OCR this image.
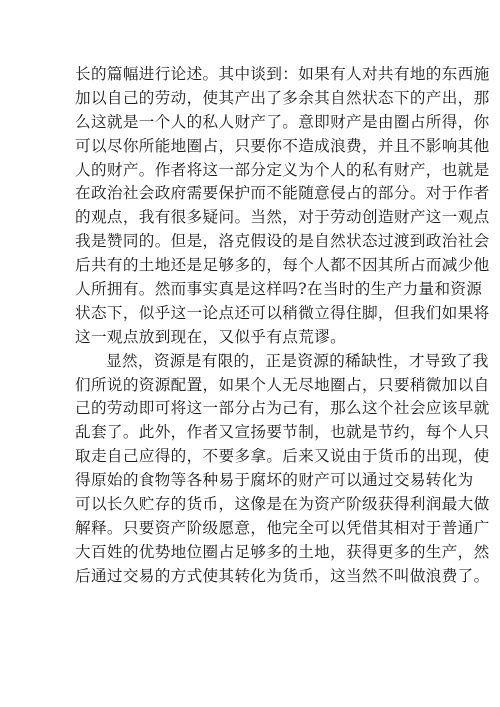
长的篇幅进行论述。其中谈到：如果有人对共有地的东西施
加以自己的劳动，使其产出了多余其自然状态下的产出，那
么这就是一个人的私人财产了。意即财产是由圈占所得，你
可以尽你所能地圈占，只要你不造成浪费，并且不影响其他
人的财产。作者将这一部分定义为个人的私有财产，也就是
在政治社会政府需要保护而不能随意侵占的部分。对于作者
的观点，我有很多疑问。当然，对于劳动创造财产这一观点
我是赞同的。但是，洛克假设的是自然状态过渡到政治社会
后共有的土地还是足够多的，每个人都不因其所占而减少他
人所拥有。然而事实真是这样吗?在当时的生产力量和资源
状态下，似乎这一论点还可以稍微立得住脚，但我们如果将
这一观点放到现在，又似乎有点荒谬。
显然，资源是有限的，正是资源的稀缺性，才导致了我
们所说的资源配置，如果个人无尽地圈占，只要稍微加以自
己的劳动即可将这一部分占为己有，那么这个社会应该早就
乱套了。此外，作者又宣扬要节制，也就是节约，每个人只
取走自己应得的，不要多拿。后来又说由于货币的出现，使
得原始的食物等各种易于腐坏的财产可以通过交易转化为
可以长久贮存的货币，这像是在为资产阶级获得利润最大做
解释。只要资产阶级愿意，他完全可以凭借其相对于普通广
大百姓的优势地位圈占足够多的土地，获得更多的生产，然
后通过交易的方式使其转化为货币，这当然不叫做浪费了。
